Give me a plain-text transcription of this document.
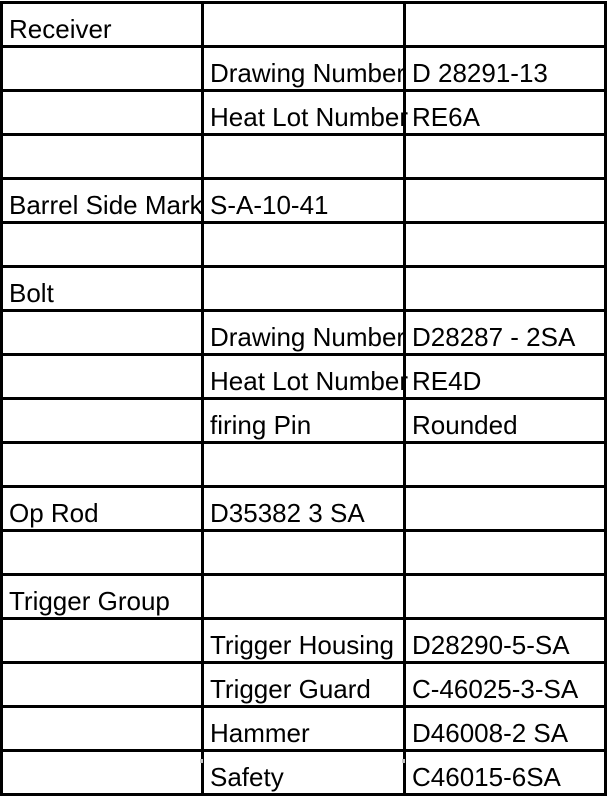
Receiver		
	Drawing Number	D 28291-13
	Heat Lot Number	RE6A

Barrel Side Mark	S-A-10-41	

Bolt		
	Drawing Number	D28287 - 2SA
	Heat Lot Number	RE4D
	firing Pin	Rounded

Op Rod	D35382 3 SA	

Trigger Group		
	Trigger Housing	D28290-5-SA
	Trigger Guard	C-46025-3-SA
	Hammer	D46008-2 SA
	Safety	C46015-6SA
